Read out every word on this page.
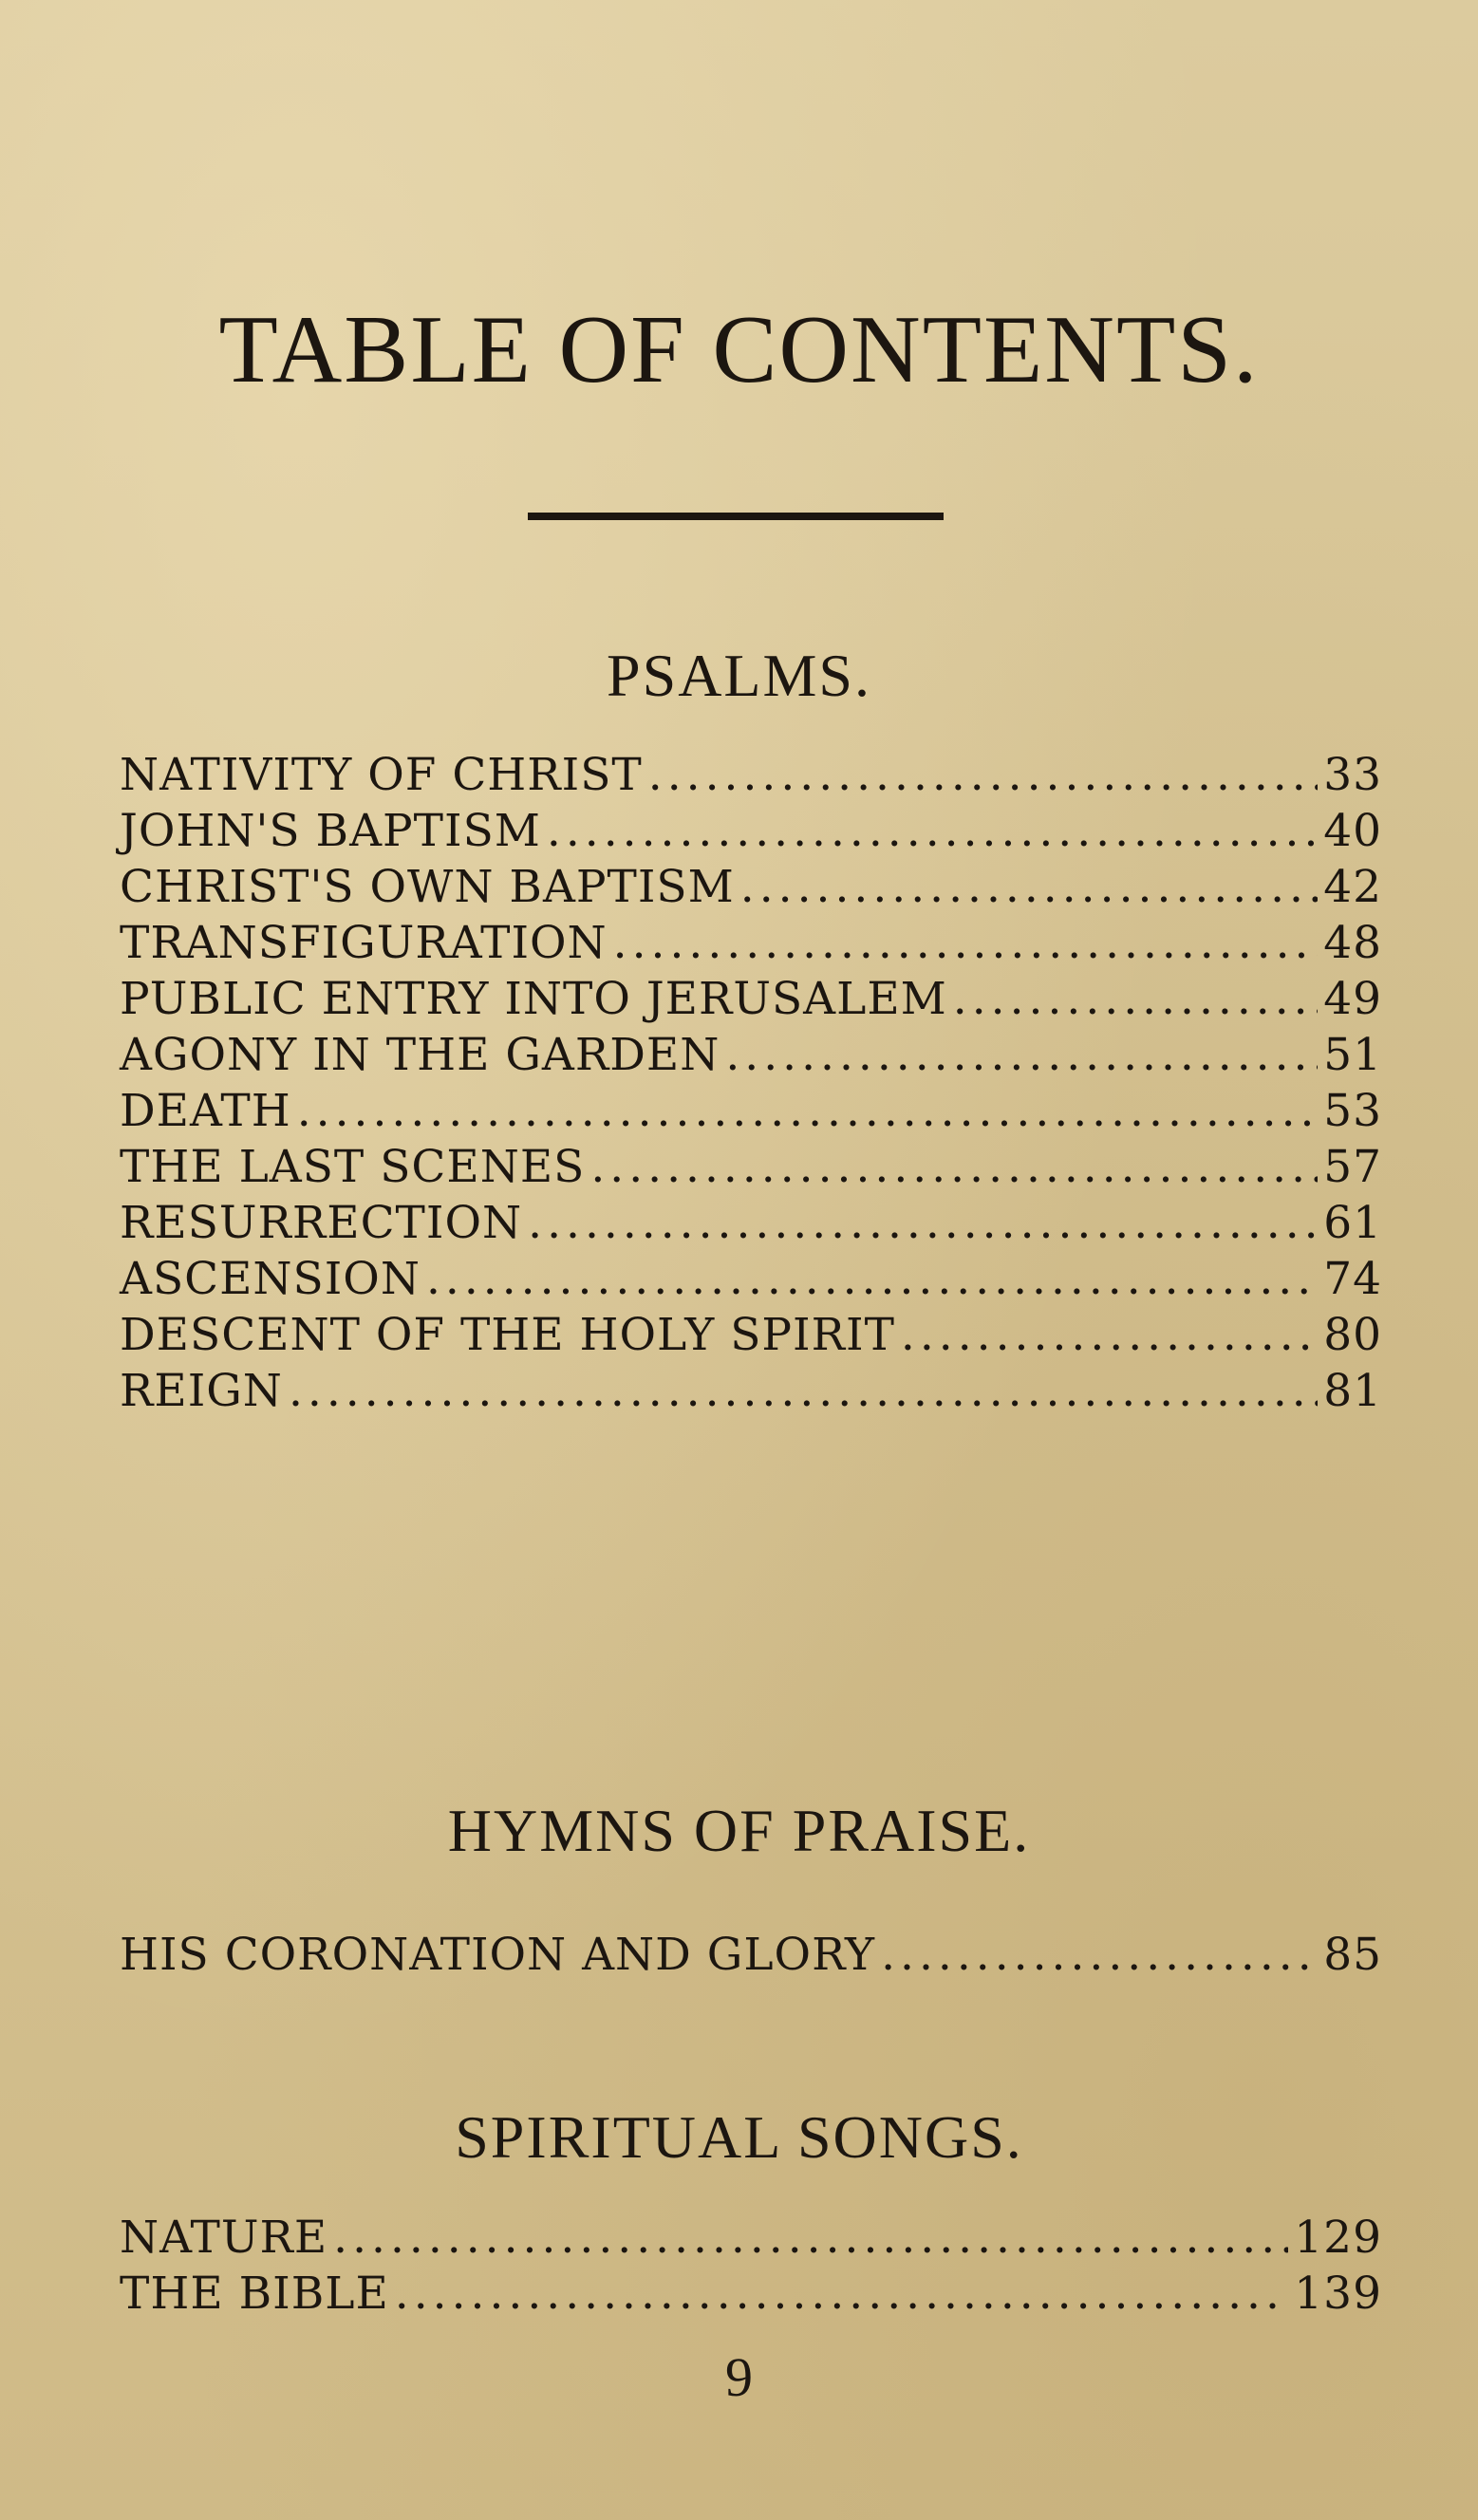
TABLE OF CONTENTS.
PSALMS.
NATIVITY OF CHRIST .....	33
JOHN'S BAPTISM .....	40
CHRIST'S OWN BAPTISM .....	42
TRANSFIGURATION .....	48
PUBLIC ENTRY INTO JERUSALEM .....	49
AGONY IN THE GARDEN .....	51
DEATH .....	53
THE LAST SCENES .....	57
RESURRECTION .....	61
ASCENSION .....	74
DESCENT OF THE HOLY SPIRIT .....	80
REIGN .....	81
HYMNS OF PRAISE.
HIS CORONATION AND GLORY .....	85
SPIRITUAL SONGS.
NATURE .....	129
THE BIBLE .....	139
9
